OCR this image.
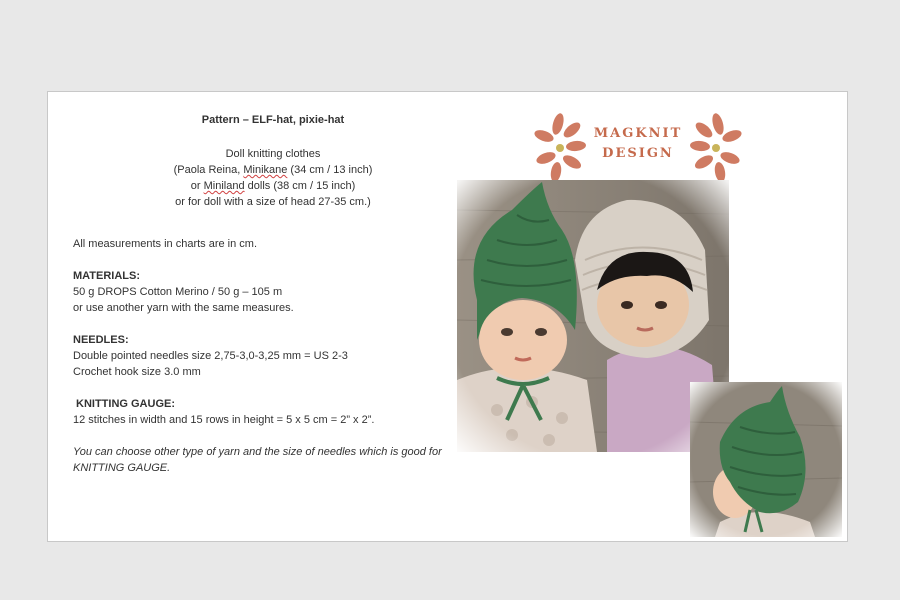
Pattern – ELF-hat, pixie-hat
Doll knitting clothes
(Paola Reina, Minikane (34 cm / 13 inch)
or Miniland dolls (38 cm / 15 inch)
or for doll with a size of head 27-35 cm.)
All measurements in charts are in cm.
MATERIALS:
50 g DROPS Cotton Merino / 50 g – 105 m
or use another yarn with the same measures.
NEEDLES:
Double pointed needles size 2,75-3,0-3,25 mm = US 2-3
Crochet hook size 3.0 mm
KNITTING GAUGE:
12 stitches in width and 15 rows in height = 5 x 5 cm = 2” x 2”.
You can choose other type of yarn and the size of needles which is good for KNITTING GAUGE.
MAGKNIT
DESIGN
